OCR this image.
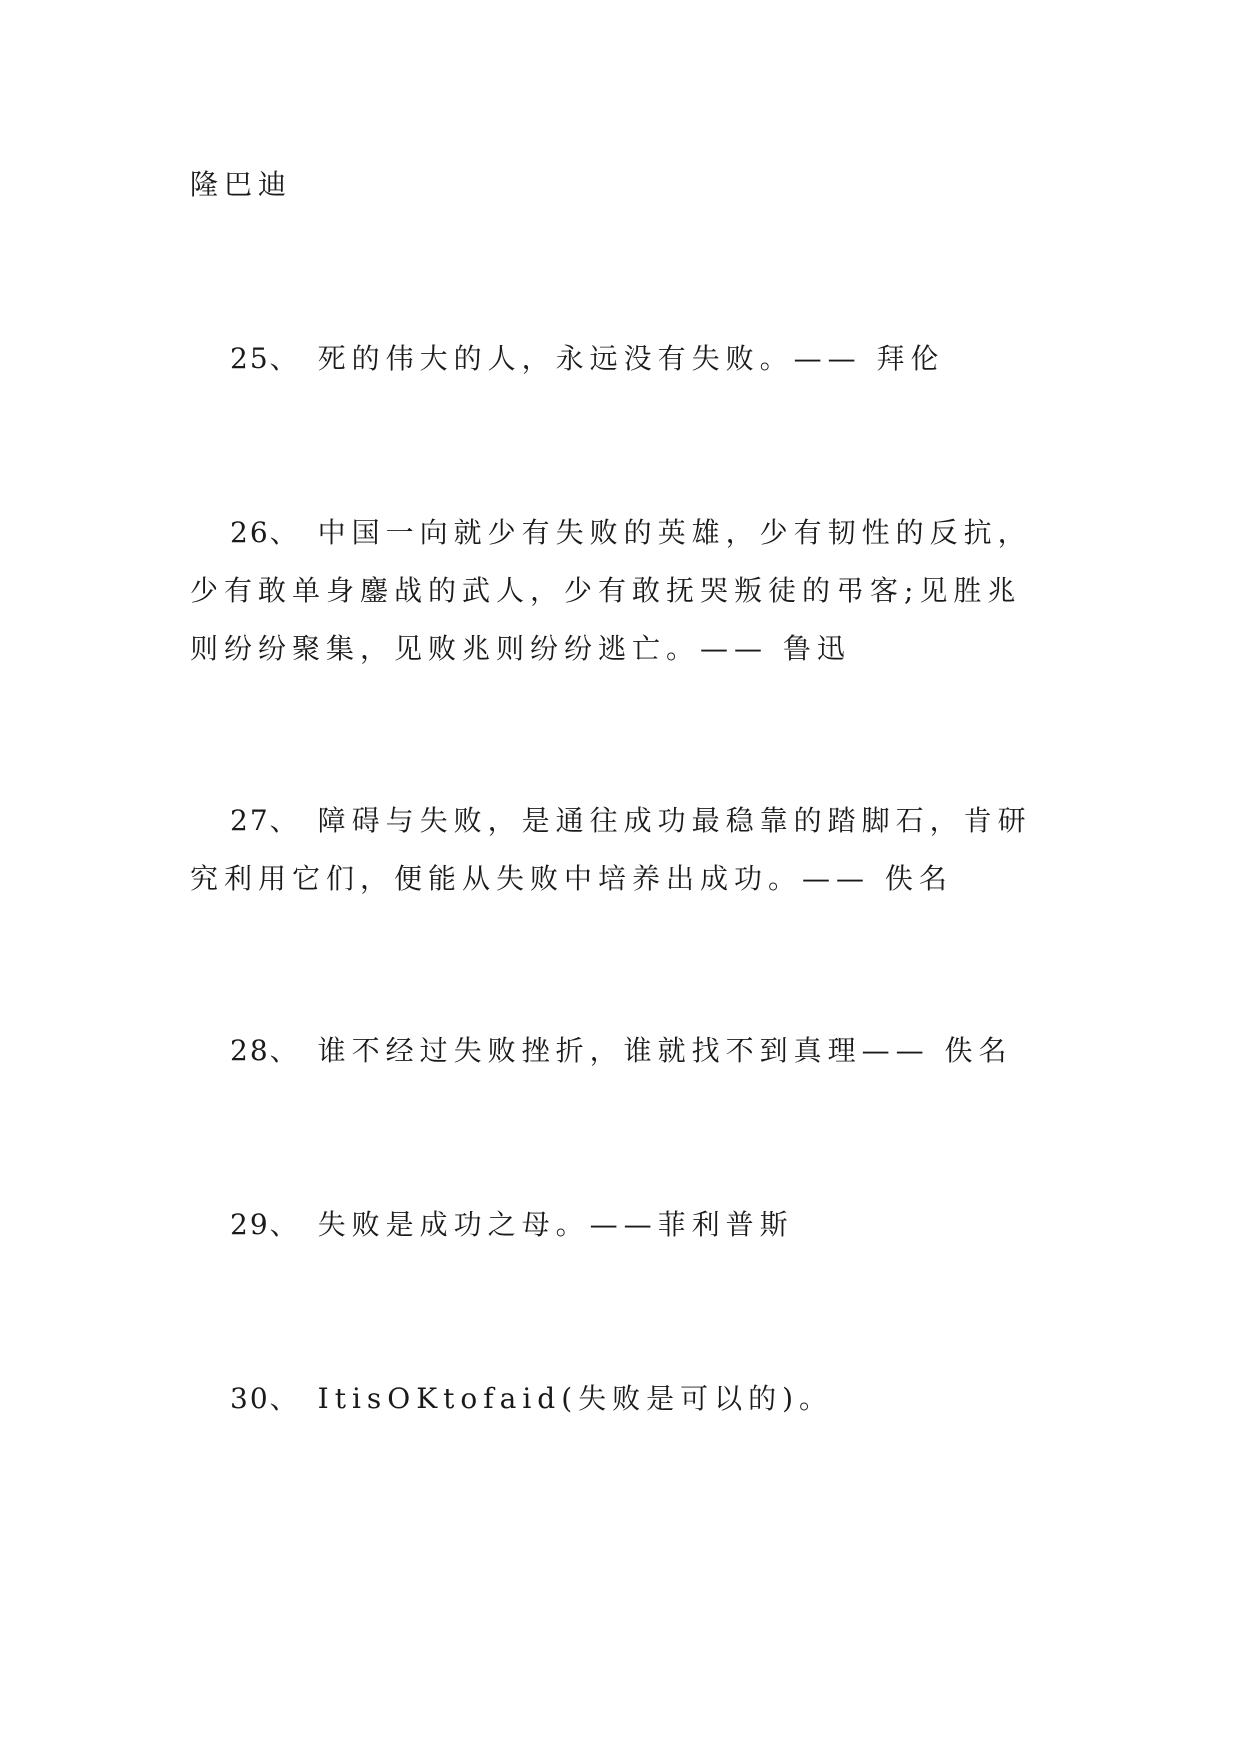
隆巴迪
25、 死的伟大的人，永远没有失败。—— 拜伦
26、 中国一向就少有失败的英雄，少有韧性的反抗，少有敢单身鏖战的武人，少有敢抚哭叛徒的弔客;见胜兆则纷纷聚集，见败兆则纷纷逃亡。—— 鲁迅
27、 障碍与失败，是通往成功最稳靠的踏脚石，肯研究利用它们，便能从失败中培养出成功。—— 佚名
28、 谁不经过失败挫折，谁就找不到真理—— 佚名
29、 失败是成功之母。——菲利普斯
30、 ItisOKtofaid(失败是可以的)。
